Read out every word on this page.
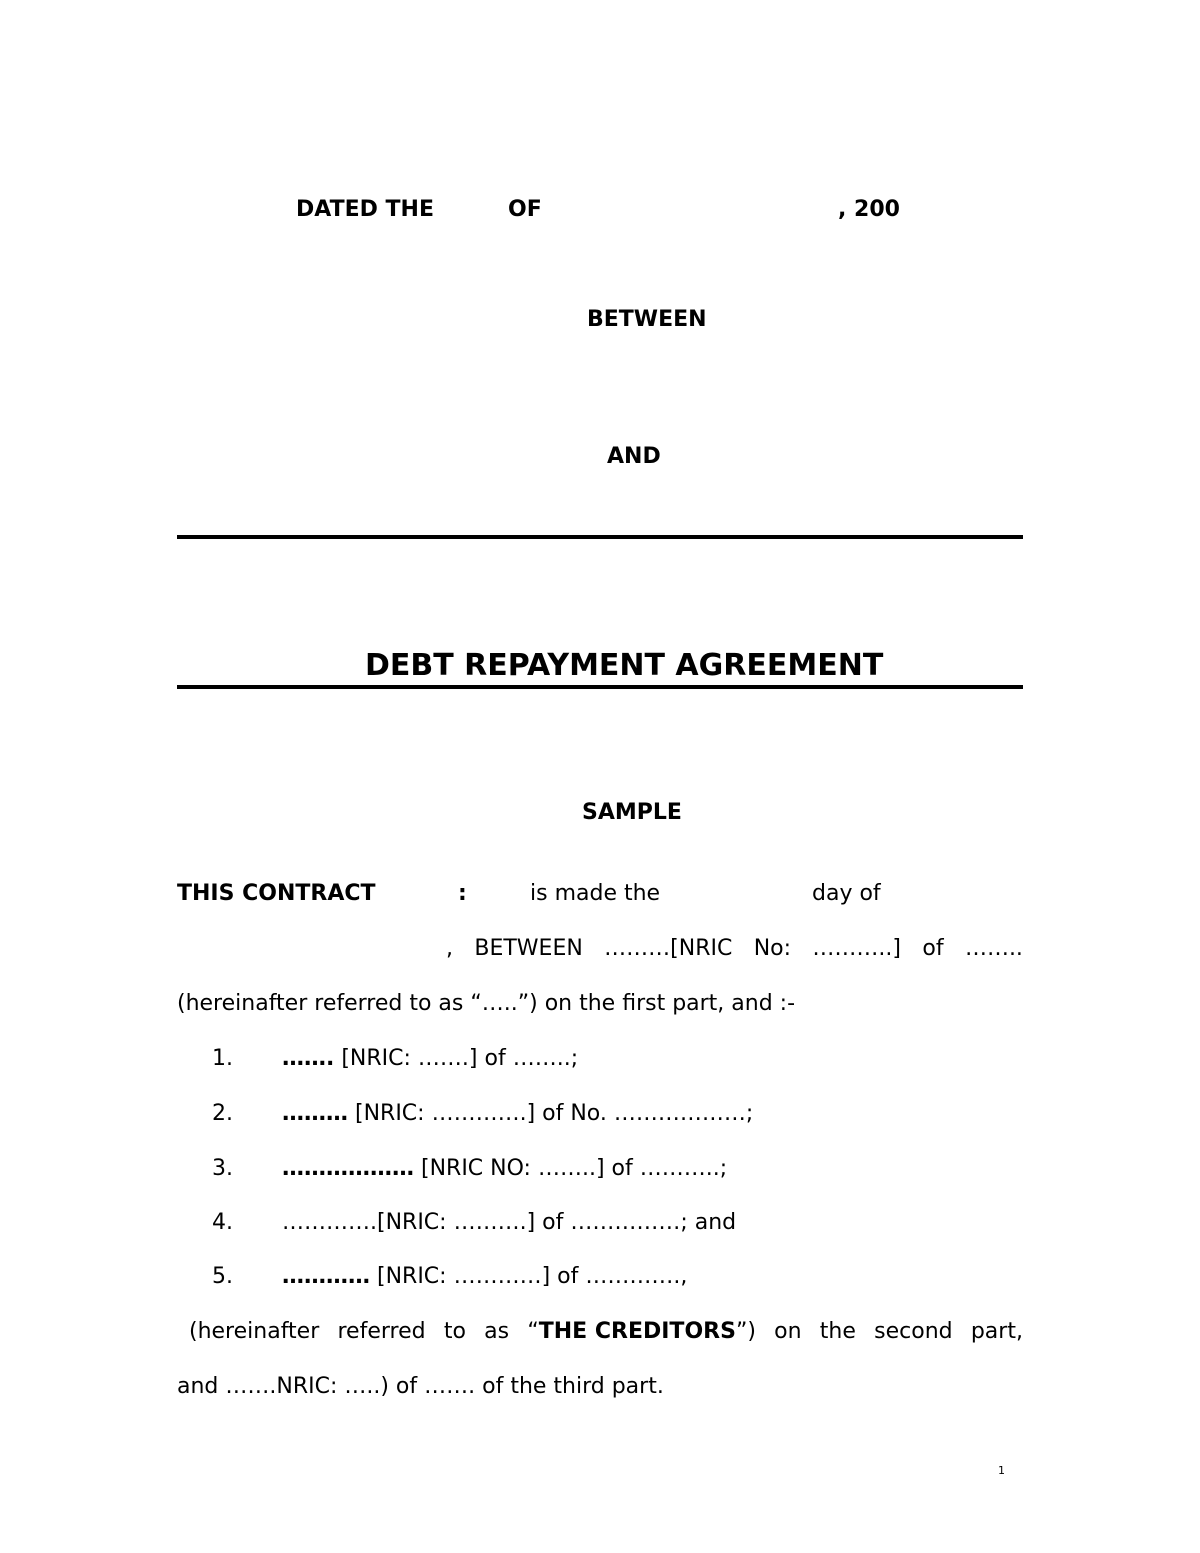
DATED THE	OF	, 200
BETWEEN
AND
DEBT REPAYMENT AGREEMENT
SAMPLE
THIS CONTRACT	:	is made the	day of
, BETWEEN ………[NRIC No: ………..] of ……..
(hereinafter referred to as “…..”) on the first part, and :-
1. ……. [NRIC: …….] of ……..;
2. ……… [NRIC: ………….] of No. ………………;
3. ……………… [NRIC NO: ……..] of ………..;
4. ………….[NRIC: ……….] of ……………; and
5. ………… [NRIC: …………] of ………….,
(hereinafter referred to as “THE CREDITORS”) on the second part,
and …….NRIC: …..) of ……. of the third part.
1
